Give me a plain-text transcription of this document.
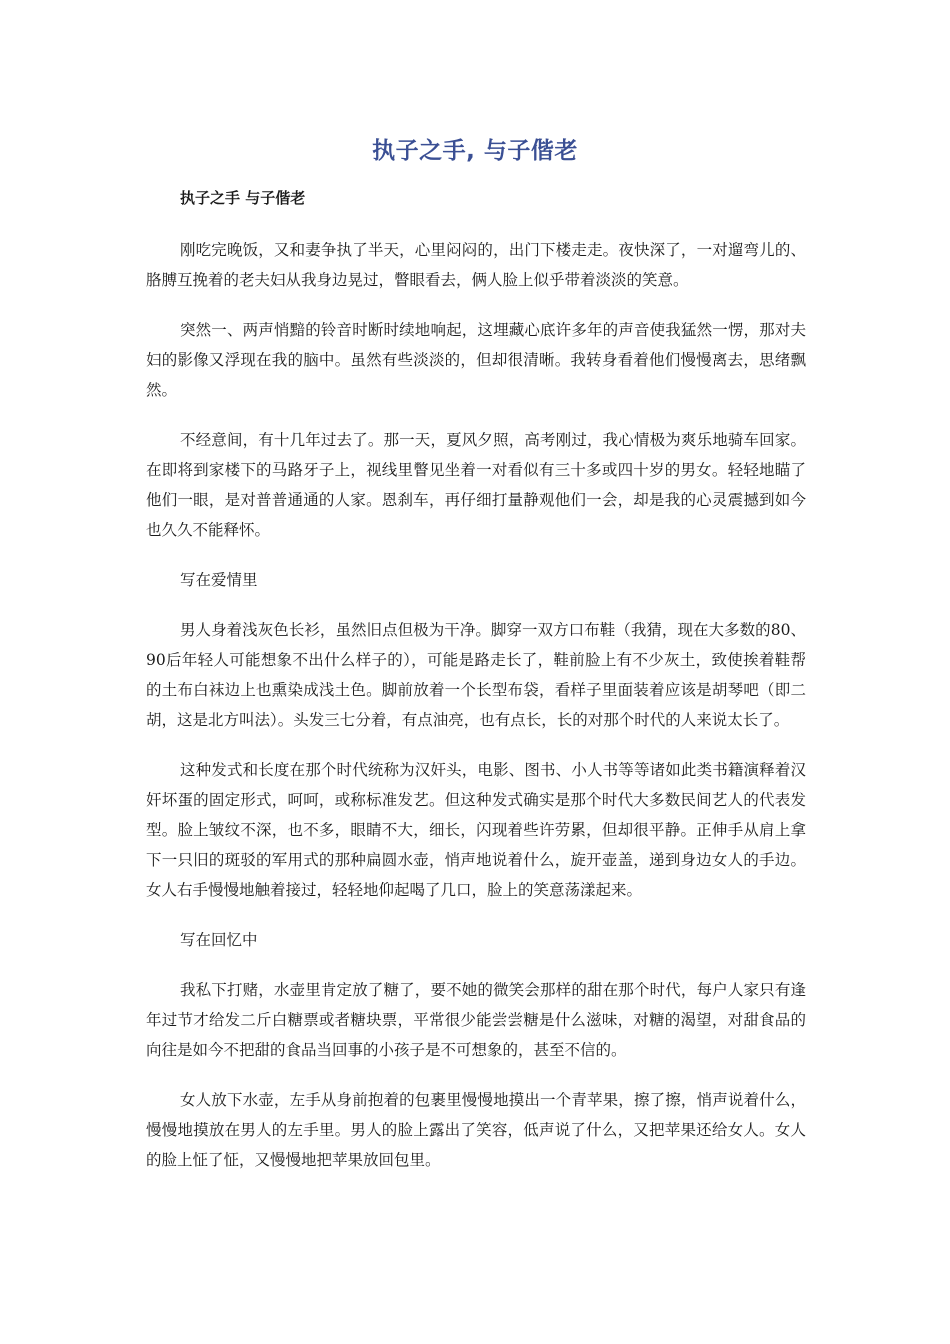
执子之手, 与子偕老
执子之手 与子偕老

刚吃完晚饭，又和妻争执了半天，心里闷闷的，出门下楼走走。夜快深了，一对遛弯儿的、胳膊互挽着的老夫妇从我身边晃过，瞥眼看去，俩人脸上似乎带着淡淡的笑意。

突然一、两声悄黯的铃音时断时续地响起，这埋藏心底许多年的声音使我猛然一愣，那对夫妇的影像又浮现在我的脑中。虽然有些淡淡的，但却很清晰。我转身看着他们慢慢离去，思绪飘然。

不经意间，有十几年过去了。那一天，夏风夕照，高考刚过，我心情极为爽乐地骑车回家。在即将到家楼下的马路牙子上，视线里瞥见坐着一对看似有三十多或四十岁的男女。轻轻地瞄了他们一眼，是对普普通通的人家。恩刹车，再仔细打量静观他们一会，却是我的心灵震撼到如今也久久不能释怀。

写在爱情里

男人身着浅灰色长衫，虽然旧点但极为干净。脚穿一双方口布鞋（我猜，现在大多数的80、90后年轻人可能想象不出什么样子的），可能是路走长了，鞋前脸上有不少灰土，致使挨着鞋帮的土布白袜边上也熏染成浅土色。脚前放着一个长型布袋，看样子里面装着应该是胡琴吧（即二胡，这是北方叫法）。头发三七分着，有点油亮，也有点长，长的对那个时代的人来说太长了。

这种发式和长度在那个时代统称为汉奸头，电影、图书、小人书等等诸如此类书籍演释着汉奸坏蛋的固定形式，呵呵，或称标准发艺。但这种发式确实是那个时代大多数民间艺人的代表发型。脸上皱纹不深，也不多，眼睛不大，细长，闪现着些许劳累，但却很平静。正伸手从肩上拿下一只旧的斑驳的军用式的那种扁圆水壶，悄声地说着什么，旋开壶盖，递到身边女人的手边。女人右手慢慢地触着接过，轻轻地仰起喝了几口，脸上的笑意荡漾起来。

写在回忆中

我私下打赌，水壶里肯定放了糖了，要不她的微笑会那样的甜在那个时代，每户人家只有逢年过节才给发二斤白糖票或者糖块票，平常很少能尝尝糖是什么滋味，对糖的渴望，对甜食品的向往是如今不把甜的食品当回事的小孩子是不可想象的，甚至不信的。

女人放下水壶，左手从身前抱着的包裹里慢慢地摸出一个青苹果，擦了擦，悄声说着什么，慢慢地摸放在男人的左手里。男人的脸上露出了笑容，低声说了什么，又把苹果还给女人。女人的脸上怔了怔，又慢慢地把苹果放回包里。
